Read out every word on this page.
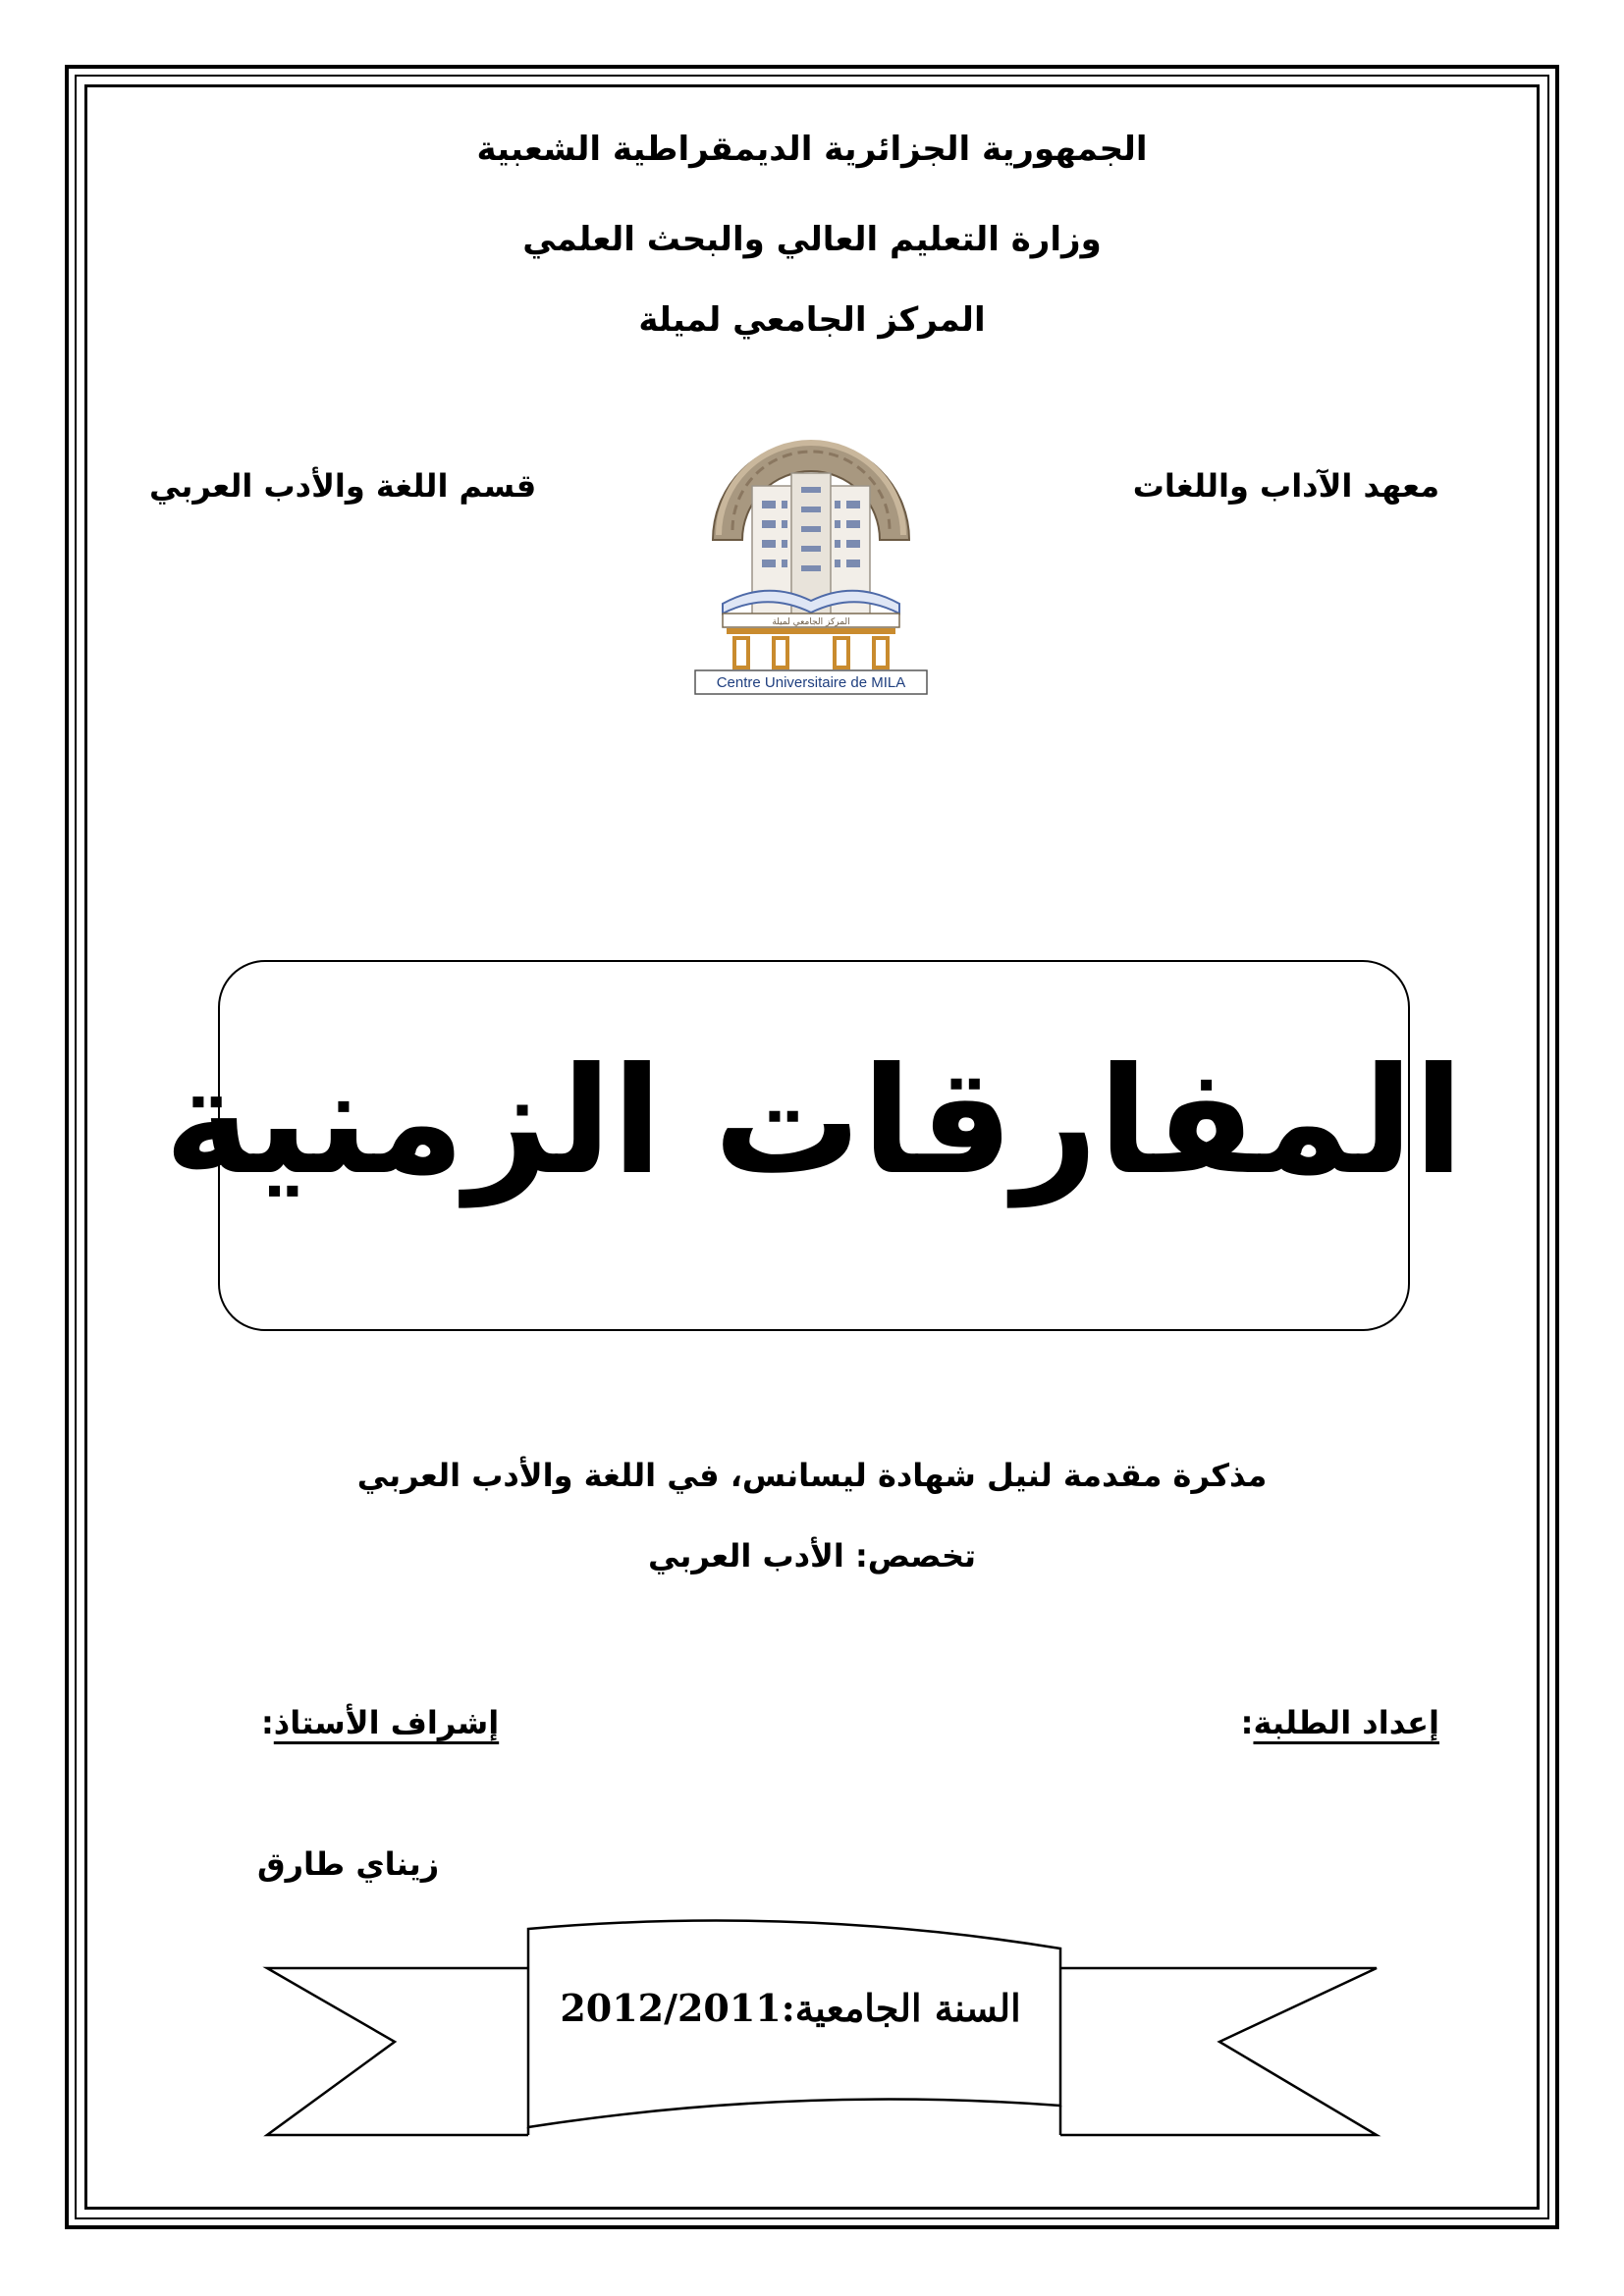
الجمهورية الجزائرية الديمقراطية الشعبية
وزارة التعليم العالي والبحث العلمي
المركز الجامعي لميلة
معهد الآداب واللغات
قسم اللغة والأدب العربي
المركز الجامعي لميلة
Centre Universitaire de MILA
المفارقات الزمنية
مذكرة مقدمة لنيل شهادة ليسانس، في اللغة والأدب العربي
تخصص: الأدب العربي
إعداد الطلبة:
إشراف الأستاذ:
زيناي طارق
السنة الجامعية:
2012/2011
